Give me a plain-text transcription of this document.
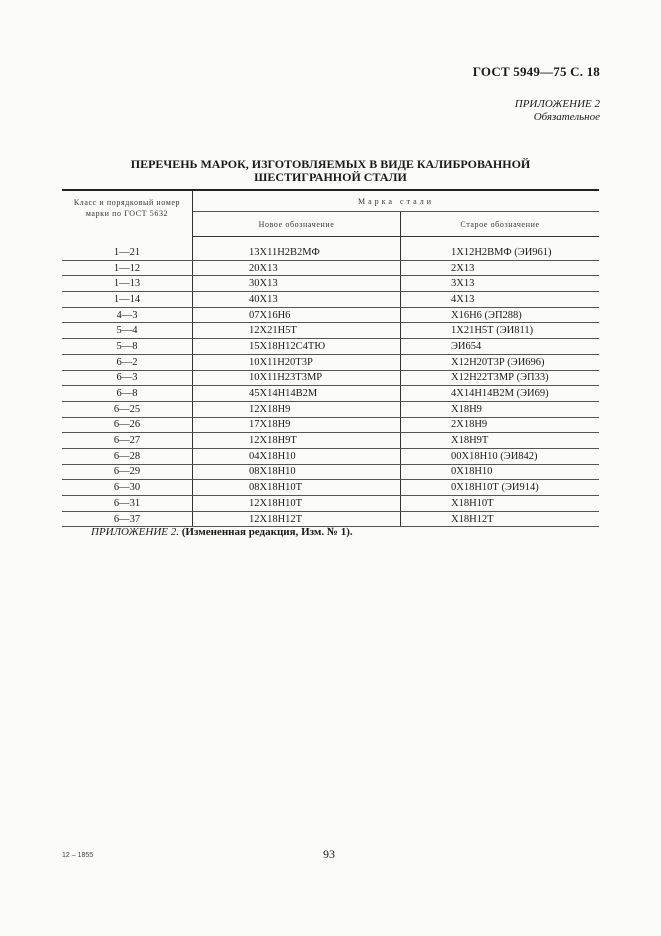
ГОСТ 5949—75 С. 18
ПРИЛОЖЕНИЕ 2
Обязательное
ПЕРЕЧЕНЬ МАРОК, ИЗГОТОВЛЯЕМЫХ В ВИДЕ КАЛИБРОВАННОЙ
ШЕСТИГРАННОЙ СТАЛИ
Класс и порядковый номер
марки по ГОСТ 5632	Марка стали	
	Новое обозначение	Старое обозначение

1—21	13Х11Н2В2МФ	1Х12Н2ВМФ (ЭИ961)
1—12	20Х13	2Х13
1—13	30Х13	3Х13
1—14	40Х13	4Х13
4—3	07Х16Н6	Х16Н6 (ЭП288)
5—4	12Х21Н5Т	1Х21Н5Т (ЭИ811)
5—8	15Х18Н12С4ТЮ	ЭИ654
6—2	10Х11Н20Т3Р	Х12Н20Т3Р (ЭИ696)
6—3	10Х11Н23Т3МР	Х12Н22Т3МР (ЭП33)
6—8	45Х14Н14В2М	4Х14Н14В2М (ЭИ69)
6—25	12Х18Н9	Х18Н9
6—26	17Х18Н9	2Х18Н9
6—27	12Х18Н9Т	Х18Н9Т
6—28	04Х18Н10	00Х18Н10 (ЭИ842)
6—29	08Х18Н10	0Х18Н10
6—30	08Х18Н10Т	0Х18Н10Т (ЭИ914)
6—31	12Х18Н10Т	Х18Н10Т
6—37	12Х18Н12Т	Х18Н12Т
ПРИЛОЖЕНИЕ 2. (Измененная редакция, Изм. № 1).
12 – 1855	93
